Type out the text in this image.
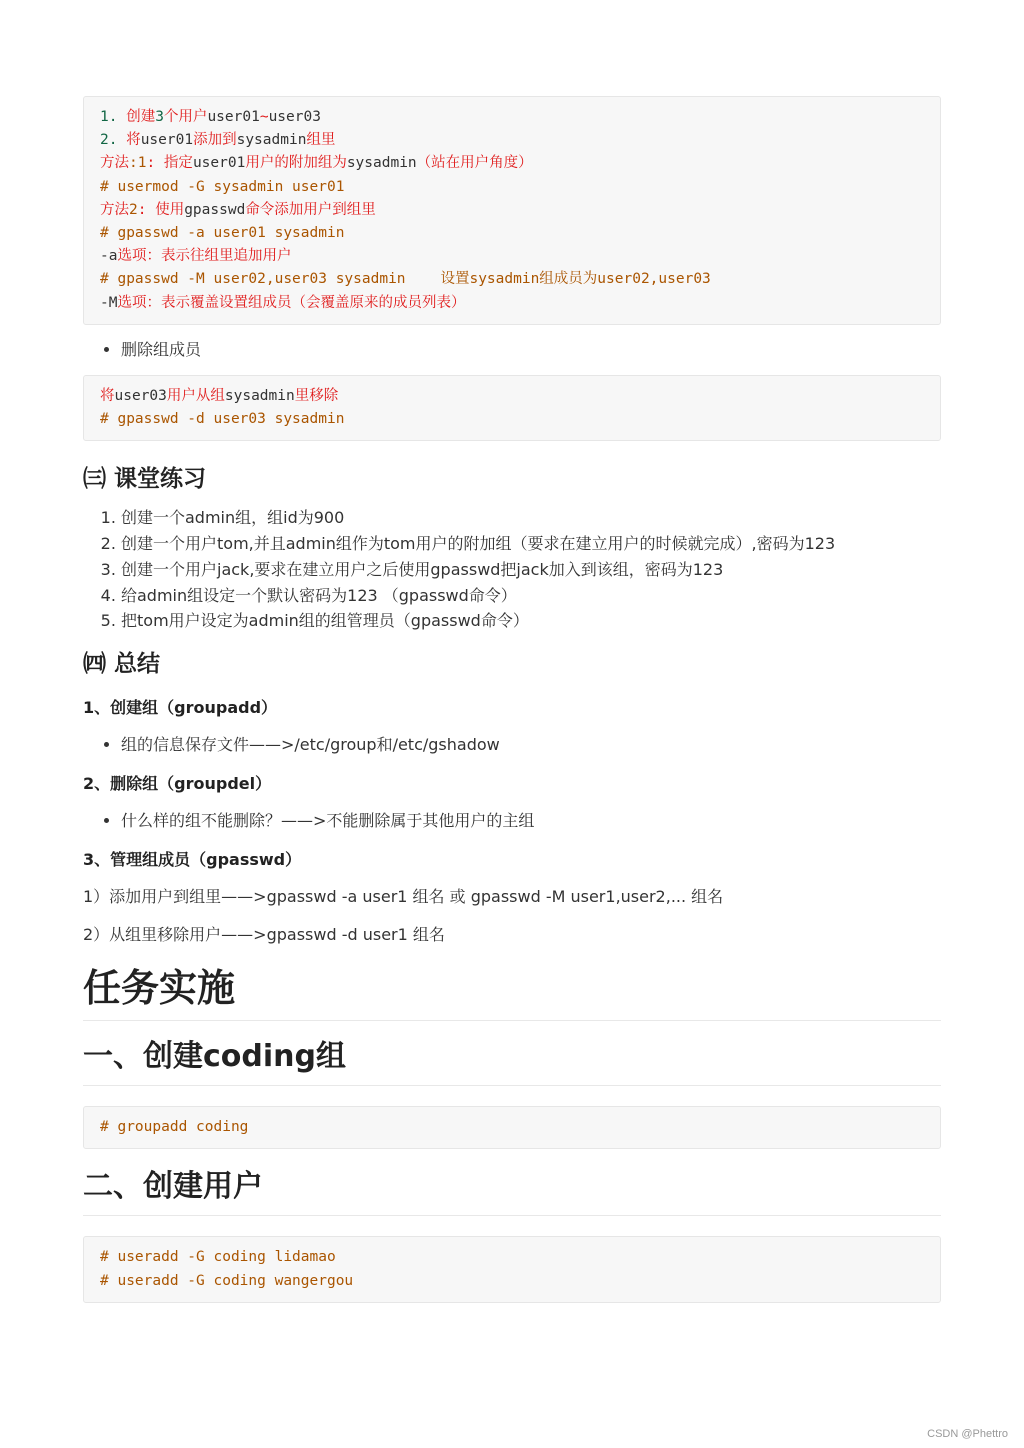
1. 创建3个用户user01~user03
2. 将user01添加到sysadmin组里
方法:1: 指定user01用户的附加组为sysadmin（站在用户角度）
# usermod -G sysadmin user01
方法2: 使用gpasswd命令添加用户到组里
# gpasswd -a user01 sysadmin
-a选项：表示往组里追加用户
# gpasswd -M user02,user03 sysadmin    设置sysadmin组成员为user02,user03
-M选项：表示覆盖设置组成员（会覆盖原来的成员列表）
• 删除组成员
将user03用户从组sysadmin里移除
# gpasswd -d user03 sysadmin
㈢ 课堂练习
1. 创建一个admin组，组id为900
2. 创建一个用户tom,并且admin组作为tom用户的附加组（要求在建立用户的时候就完成）,密码为123
3. 创建一个用户jack,要求在建立用户之后使用gpasswd把jack加入到该组，密码为123
4. 给admin组设定一个默认密码为123 （gpasswd命令）
5. 把tom用户设定为admin组的组管理员（gpasswd命令）
㈣ 总结
1、创建组（groupadd）
• 组的信息保存文件——>/etc/group和/etc/gshadow
2、删除组（groupdel）
• 什么样的组不能删除？——>不能删除属于其他用户的主组
3、管理组成员（gpasswd）

1）添加用户到组里——>gpasswd -a user1 组名 或 gpasswd -M user1,user2,... 组名

2）从组里移除用户——>gpasswd -d user1 组名

任务实施
一、创建coding组
# groupadd coding
二、创建用户
# useradd -G coding lidamao
# useradd -G coding wangergou
CSDN @Phettro
